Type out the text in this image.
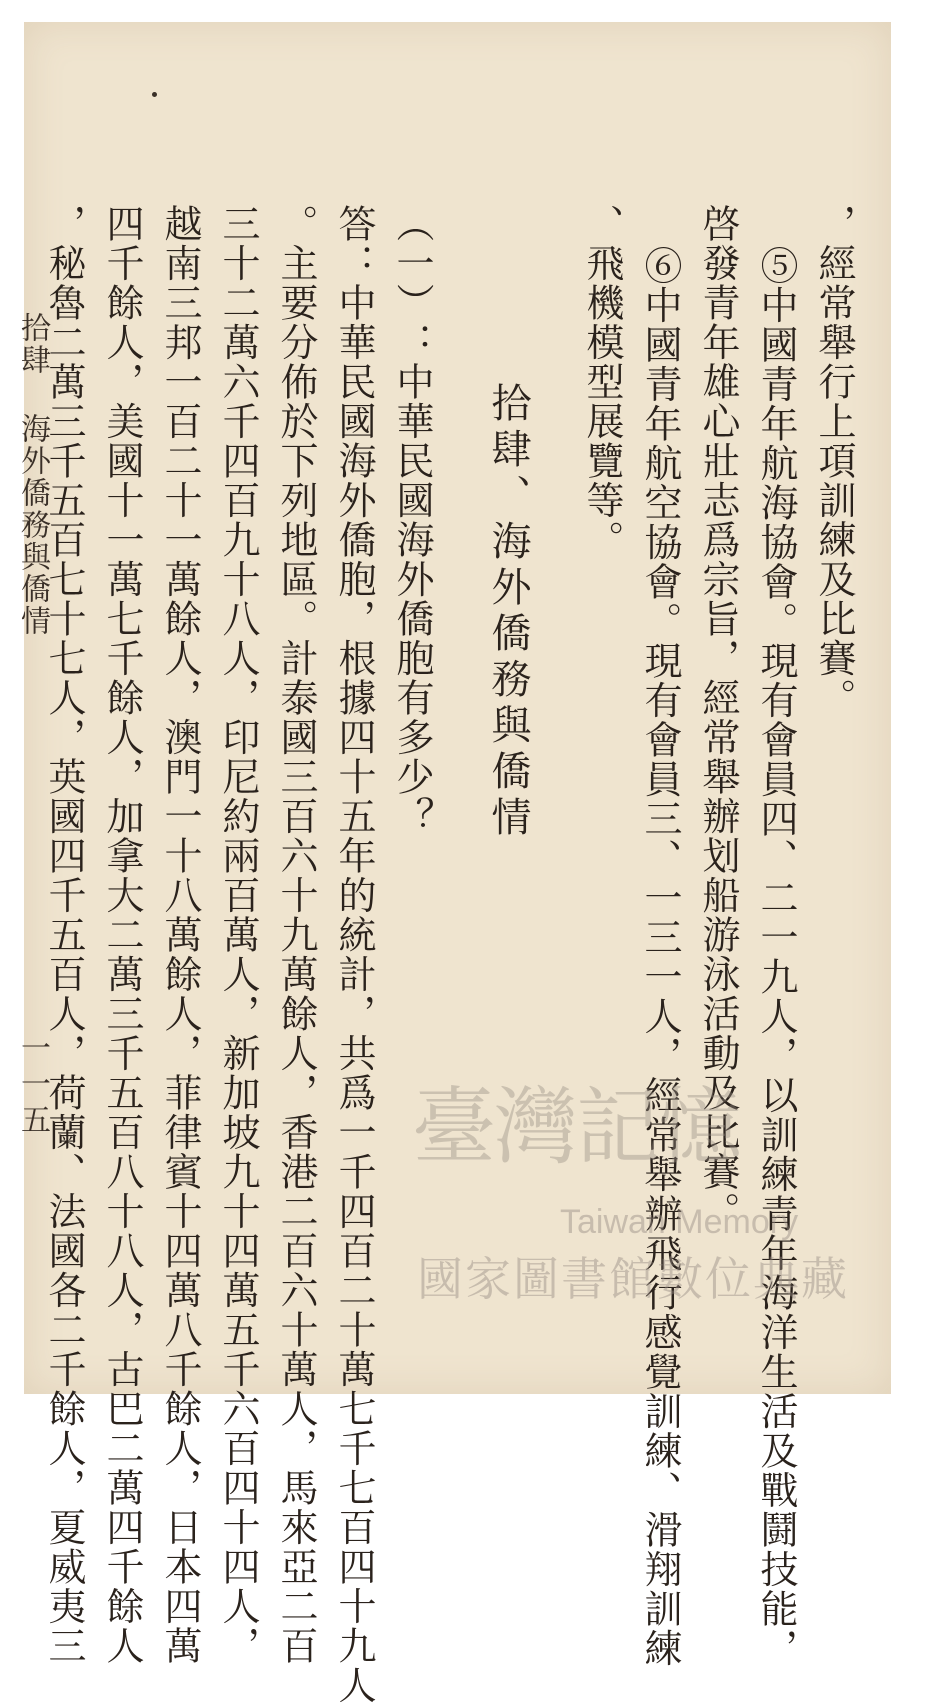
，經常舉行上項訓練及比賽。
⑤中國青年航海協會。現有會員四、二一九人，以訓練青年海洋生活及戰鬪技能，
啓發青年雄心壯志爲宗旨，經常舉辦划船游泳活動及比賽。
⑥中國青年航空協會。現有會員三、一三一人，經常舉辦飛行感覺訓練、滑翔訓練
、飛機模型展覽等。
拾肆、海外僑務與僑情
（一）：中華民國海外僑胞有多少？
答：中華民國海外僑胞，根據四十五年的統計，共爲一千四百二十萬七千七百四十九人
。主要分佈於下列地區。計泰國三百六十九萬餘人，香港二百六十萬人，馬來亞二百
三十二萬六千四百九十八人，印尼約兩百萬人，新加坡九十四萬五千六百四十四人，
越南三邦一百二十一萬餘人，澳門一十八萬餘人，菲律賓十四萬八千餘人，日本四萬
四千餘人，美國十一萬七千餘人，加拿大二萬三千五百八十八人，古巴二萬四千餘人
，秘魯二萬三千五百七十七人，英國四千五百人，荷蘭、法國各二千餘人，夏威夷三
拾肆 海外僑務與僑情
一一五	臺灣記憶
Taiwan Memory
國家圖書館數位典藏
